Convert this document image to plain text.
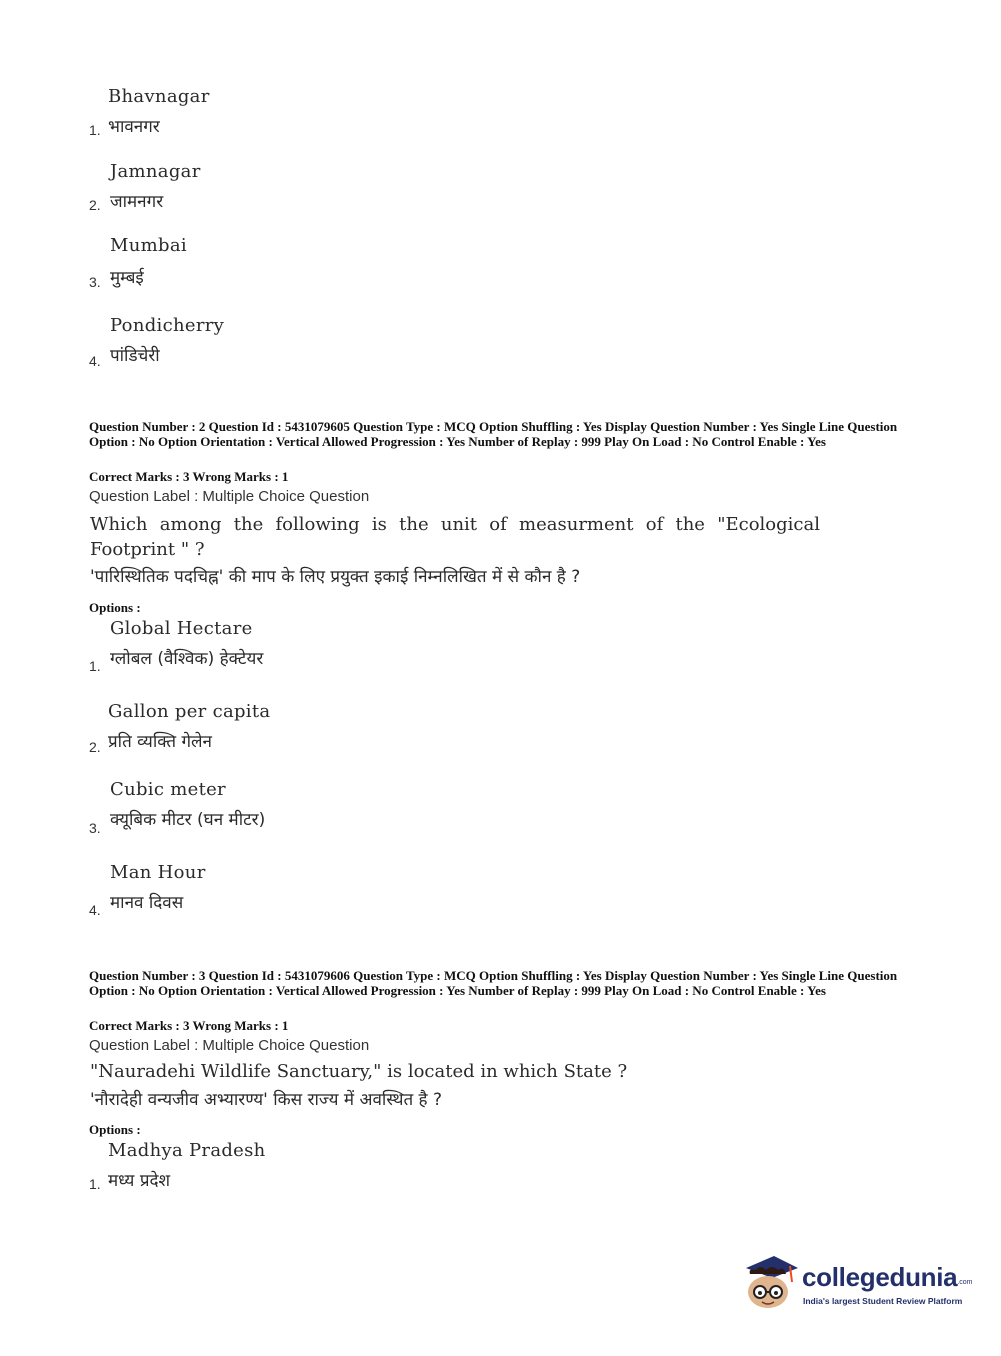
Bhavnagar
1. भावनगर
Jamnagar
2. जामनगर
Mumbai
3. मुम्बई
Pondicherry
4. पांडिचेरी
Question Number : 2 Question Id : 5431079605 Question Type : MCQ Option Shuffling : Yes Display Question Number : Yes Single Line Question Option : No Option Orientation : Vertical Allowed Progression : Yes Number of Replay : 999 Play On Load : No Control Enable : Yes
Correct Marks : 3 Wrong Marks : 1
Question Label : Multiple Choice Question
Which among the following is the unit of measurment of the "Ecological Footprint " ?
'पारिस्थितिक पदचिह्न' की माप के लिए प्रयुक्त इकाई निम्नलिखित में से कौन है ?
Options :
Global Hectare
1. ग्लोबल (वैश्विक) हेक्टेयर
Gallon per capita
2. प्रति व्यक्ति गेलेन
Cubic meter
3. क्यूबिक मीटर (घन मीटर)
Man Hour
4. मानव दिवस
Question Number : 3 Question Id : 5431079606 Question Type : MCQ Option Shuffling : Yes Display Question Number : Yes Single Line Question Option : No Option Orientation : Vertical Allowed Progression : Yes Number of Replay : 999 Play On Load : No Control Enable : Yes
Correct Marks : 3 Wrong Marks : 1
Question Label : Multiple Choice Question
"Nauradehi Wildlife Sanctuary," is located in which State ?
'नौरादेही वन्यजीव अभ्यारण्य' किस राज्य में अवस्थित है ?
Options :
Madhya Pradesh
1. मध्य प्रदेश
collegedunia.com
India's largest Student Review Platform
